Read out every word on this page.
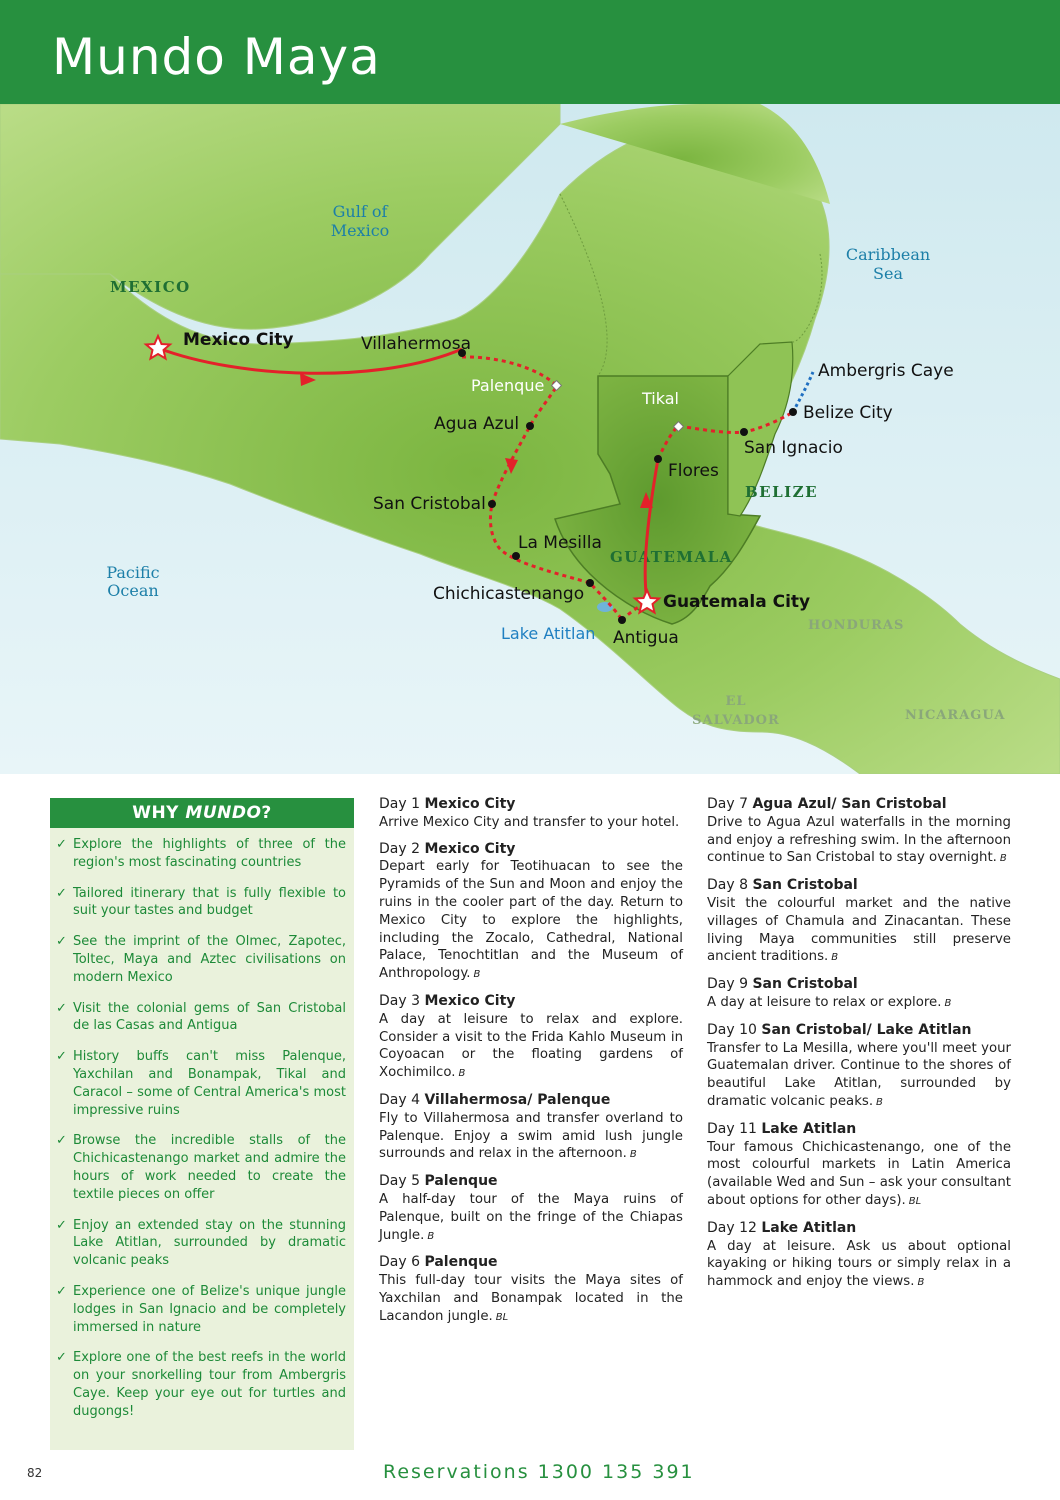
Mundo Maya
Gulf of
Mexico
Caribbean
Sea
Pacific
Ocean
MEXICO
BELIZE
GUATEMALA
HONDURAS
EL
SALVADOR	NICARAGUA
Mexico City	Villahermosa
Palenque
Agua Azul
San Cristobal
La Mesilla
Chichicastenango
Lake Atitlan Antigua
Guatemala City
Tikal
Flores
San Ignacio
Belize City
Ambergris Caye
WHY MUNDO?
✓ Explore the highlights of three of the region's most fascinating countries
✓ Tailored itinerary that is fully flexible to suit your tastes and budget
✓ See the imprint of the Olmec, Zapotec, Toltec, Maya and Aztec civilisations on modern Mexico
✓ Visit the colonial gems of San Cristobal de las Casas and Antigua
✓ History buffs can't miss Palenque, Yaxchilan and Bonampak, Tikal and Caracol – some of Central America's most impressive ruins
✓ Browse the incredible stalls of the Chichicastenango market and admire the hours of work needed to create the textile pieces on offer
✓ Enjoy an extended stay on the stunning Lake Atitlan, surrounded by dramatic volcanic peaks
✓ Experience one of Belize's unique jungle lodges in San Ignacio and be completely immersed in nature
✓ Explore one of the best reefs in the world on your snorkelling tour from Ambergris Caye. Keep your eye out for turtles and dugongs!
Day 1 Mexico City
Arrive Mexico City and transfer to your hotel.
Day 2 Mexico City
Depart early for Teotihuacan to see the Pyramids of the Sun and Moon and enjoy the ruins in the cooler part of the day. Return to Mexico City to explore the highlights, including the Zocalo, Cathedral, National Palace, Tenochtitlan and the Museum of Anthropology. B
Day 3 Mexico City
A day at leisure to relax and explore. Consider a visit to the Frida Kahlo Museum in Coyoacan or the floating gardens of Xochimilco. B
Day 4 Villahermosa/ Palenque
Fly to Villahermosa and transfer overland to Palenque. Enjoy a swim amid lush jungle surrounds and relax in the afternoon. B
Day 5 Palenque
A half-day tour of the Maya ruins of Palenque, built on the fringe of the Chiapas Jungle. B
Day 6 Palenque
This full-day tour visits the Maya sites of Yaxchilan and Bonampak located in the Lacandon jungle. BL
Day 7 Agua Azul/ San Cristobal
Drive to Agua Azul waterfalls in the morning and enjoy a refreshing swim. In the afternoon continue to San Cristobal to stay overnight. B
Day 8 San Cristobal
Visit the colourful market and the native villages of Chamula and Zinacantan. These living Maya communities still preserve ancient traditions. B
Day 9 San Cristobal
A day at leisure to relax or explore. B
Day 10 San Cristobal/ Lake Atitlan
Transfer to La Mesilla, where you'll meet your Guatemalan driver. Continue to the shores of beautiful Lake Atitlan, surrounded by dramatic volcanic peaks. B
Day 11 Lake Atitlan
Tour famous Chichicastenango, one of the most colourful markets in Latin America (available Wed and Sun – ask your consultant about options for other days). BL
Day 12 Lake Atitlan
A day at leisure. Ask us about optional kayaking or hiking tours or simply relax in a hammock and enjoy the views. B
82	Reservations 1300 135 391
